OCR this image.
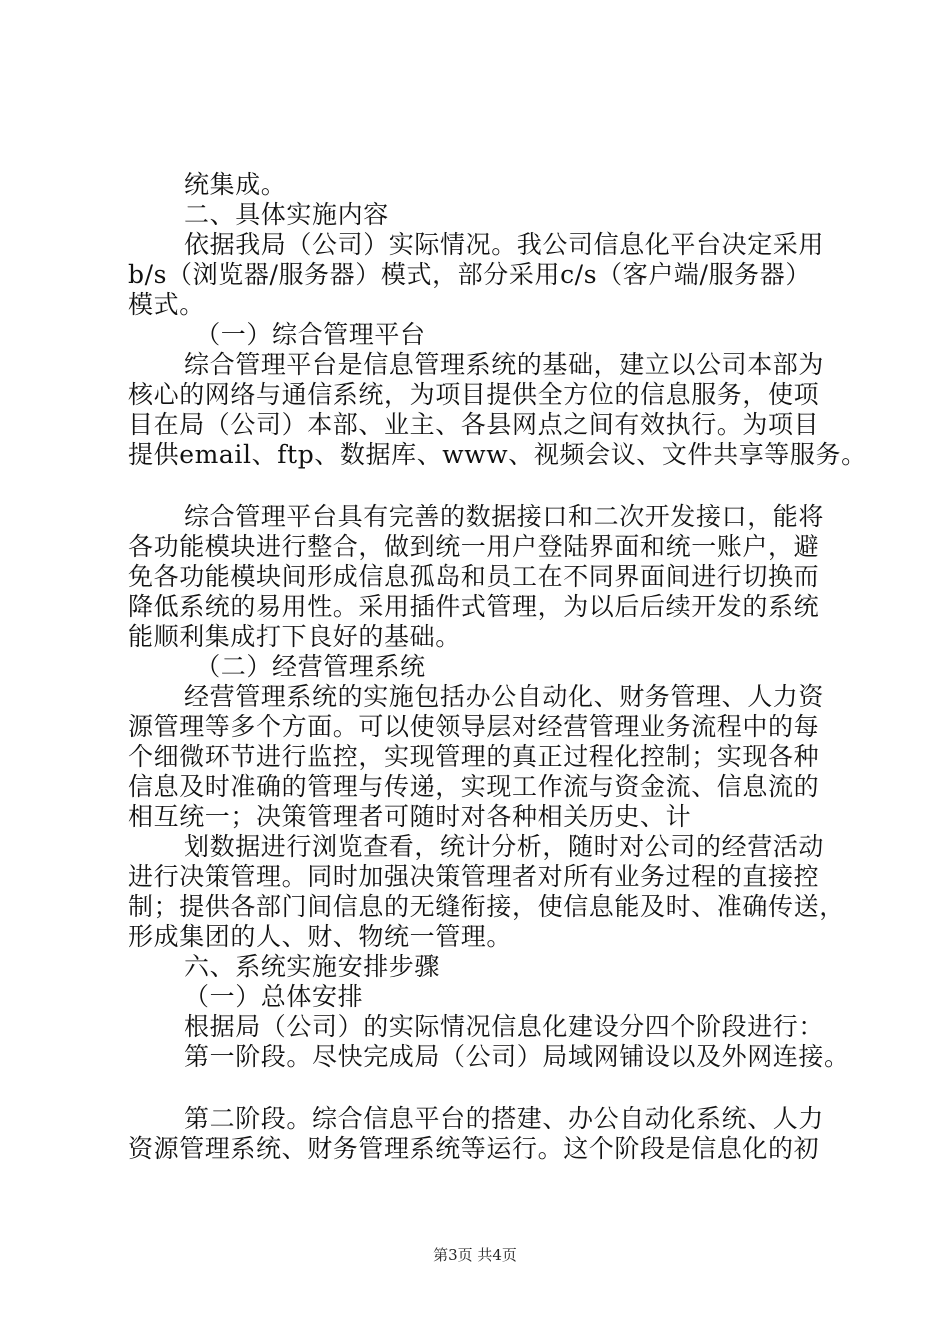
统集成。
二、具体实施内容
依据我局（公司）实际情况。我公司信息化平台决定采用
b/s（浏览器/服务器）模式，部分采用c/s（客户端/服务器）
模式。
（一）综合管理平台
综合管理平台是信息管理系统的基础，建立以公司本部为
核心的网络与通信系统，为项目提供全方位的信息服务，使项
目在局（公司）本部、业主、各县网点之间有效执行。为项目
提供email、ftp、数据库、www、视频会议、文件共享等服务。
综合管理平台具有完善的数据接口和二次开发接口，能将
各功能模块进行整合，做到统一用户登陆界面和统一账户，避
免各功能模块间形成信息孤岛和员工在不同界面间进行切换而
降低系统的易用性。采用插件式管理，为以后后续开发的系统
能顺利集成打下良好的基础。
（二）经营管理系统
经营管理系统的实施包括办公自动化、财务管理、人力资
源管理等多个方面。可以使领导层对经营管理业务流程中的每
个细微环节进行监控，实现管理的真正过程化控制；实现各种
信息及时准确的管理与传递，实现工作流与资金流、信息流的
相互统一；决策管理者可随时对各种相关历史、计
划数据进行浏览查看，统计分析，随时对公司的经营活动
进行决策管理。同时加强决策管理者对所有业务过程的直接控
制；提供各部门间信息的无缝衔接，使信息能及时、准确传送，
形成集团的人、财、物统一管理。
六、系统实施安排步骤
（一）总体安排
根据局（公司）的实际情况信息化建设分四个阶段进行：
第一阶段。尽快完成局（公司）局域网铺设以及外网连接。
第二阶段。综合信息平台的搭建、办公自动化系统、人力
资源管理系统、财务管理系统等运行。这个阶段是信息化的初
第3页 共4页
